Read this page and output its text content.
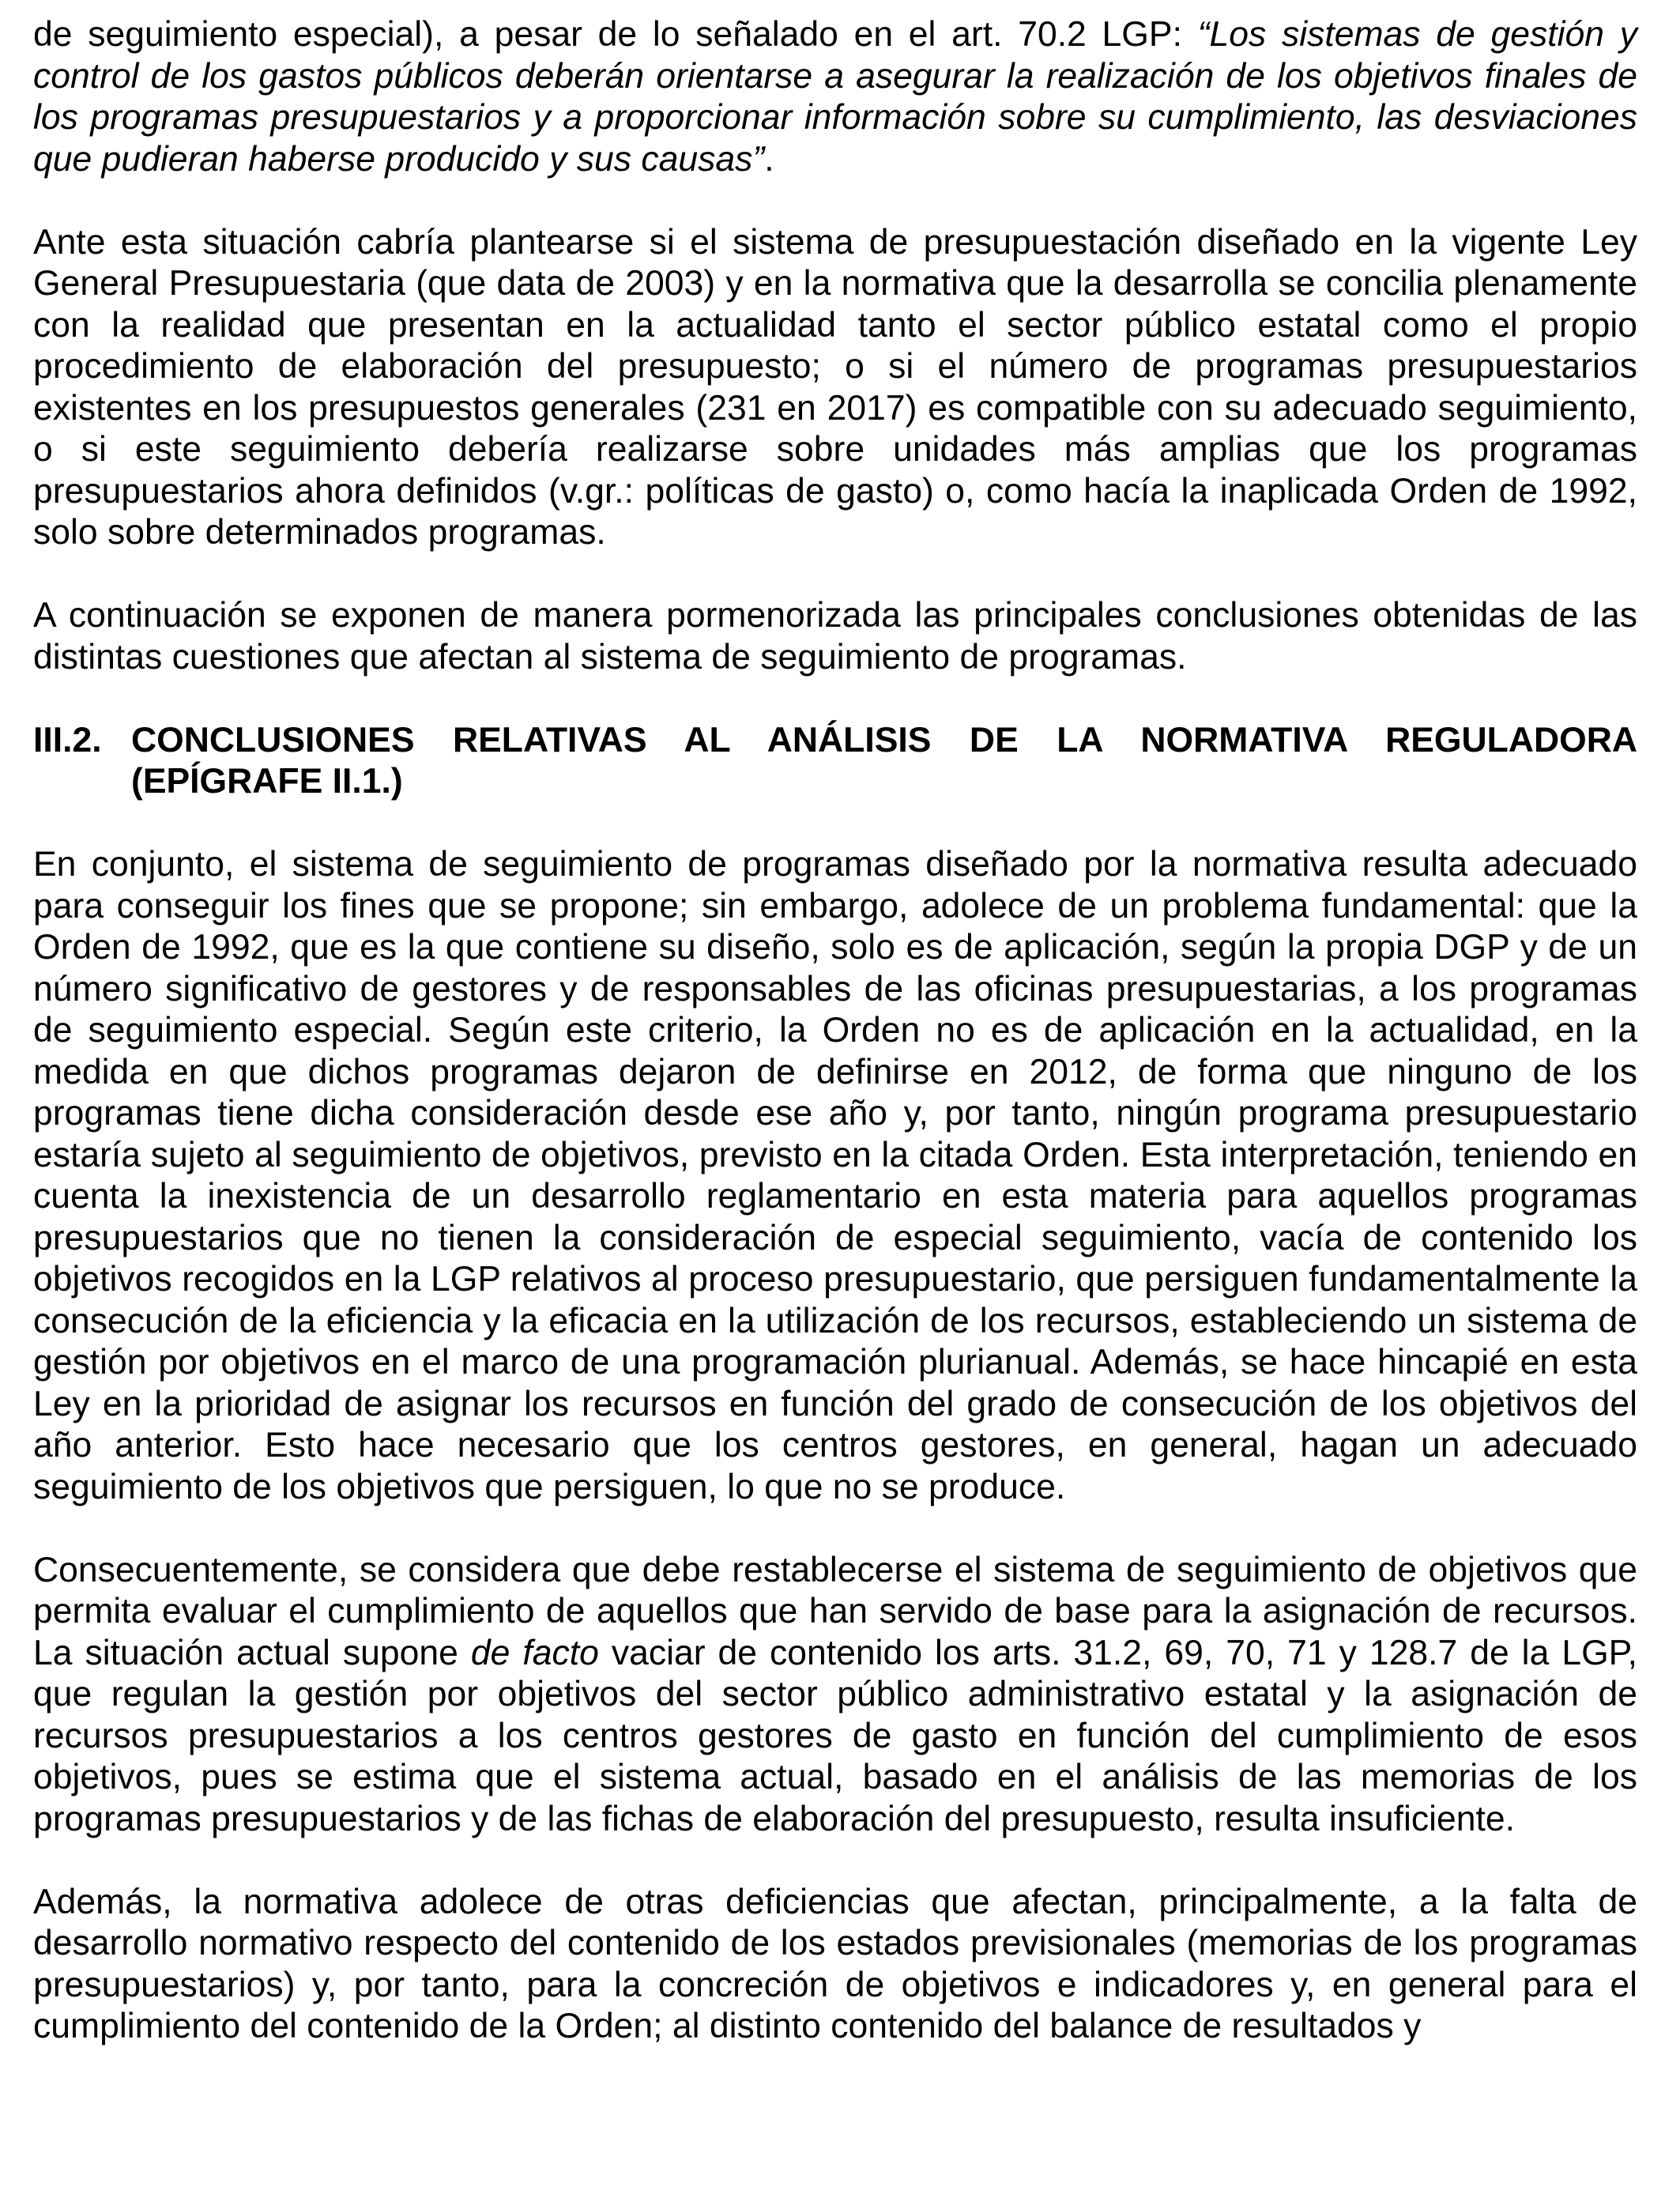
de seguimiento especial), a pesar de lo señalado en el art. 70.2 LGP: “Los sistemas de gestión y control de los gastos públicos deberán orientarse a asegurar la realización de los objetivos finales de los programas presupuestarios y a proporcionar información sobre su cumplimiento, las desviaciones que pudieran haberse producido y sus causas”.

Ante esta situación cabría plantearse si el sistema de presupuestación diseñado en la vigente Ley General Presupuestaria (que data de 2003) y en la normativa que la desarrolla se concilia plenamente con la realidad que presentan en la actualidad tanto el sector público estatal como el propio procedimiento de elaboración del presupuesto; o si el número de programas presupuestarios existentes en los presupuestos generales (231 en 2017) es compatible con su adecuado seguimiento, o si este seguimiento debería realizarse sobre unidades más amplias que los programas presupuestarios ahora definidos (v.gr.: políticas de gasto) o, como hacía la inaplicada Orden de 1992, solo sobre determinados programas.

A continuación se exponen de manera pormenorizada las principales conclusiones obtenidas de las distintas cuestiones que afectan al sistema de seguimiento de programas.

III.2. CONCLUSIONES RELATIVAS AL ANÁLISIS DE LA NORMATIVA REGULADORA (EPÍGRAFE II.1.)

En conjunto, el sistema de seguimiento de programas diseñado por la normativa resulta adecuado para conseguir los fines que se propone; sin embargo, adolece de un problema fundamental: que la Orden de 1992, que es la que contiene su diseño, solo es de aplicación, según la propia DGP y de un número significativo de gestores y de responsables de las oficinas presupuestarias, a los programas de seguimiento especial. Según este criterio, la Orden no es de aplicación en la actualidad, en la medida en que dichos programas dejaron de definirse en 2012, de forma que ninguno de los programas tiene dicha consideración desde ese año y, por tanto, ningún programa presupuestario estaría sujeto al seguimiento de objetivos, previsto en la citada Orden. Esta interpretación, teniendo en cuenta la inexistencia de un desarrollo reglamentario en esta materia para aquellos programas presupuestarios que no tienen la consideración de especial seguimiento, vacía de contenido los objetivos recogidos en la LGP relativos al proceso presupuestario, que persiguen fundamentalmente la consecución de la eficiencia y la eficacia en la utilización de los recursos, estableciendo un sistema de gestión por objetivos en el marco de una programación plurianual. Además, se hace hincapié en esta Ley en la prioridad de asignar los recursos en función del grado de consecución de los objetivos del año anterior. Esto hace necesario que los centros gestores, en general, hagan un adecuado seguimiento de los objetivos que persiguen, lo que no se produce.

Consecuentemente, se considera que debe restablecerse el sistema de seguimiento de objetivos que permita evaluar el cumplimiento de aquellos que han servido de base para la asignación de recursos. La situación actual supone de facto vaciar de contenido los arts. 31.2, 69, 70, 71 y 128.7 de la LGP, que regulan la gestión por objetivos del sector público administrativo estatal y la asignación de recursos presupuestarios a los centros gestores de gasto en función del cumplimiento de esos objetivos, pues se estima que el sistema actual, basado en el análisis de las memorias de los programas presupuestarios y de las fichas de elaboración del presupuesto, resulta insuficiente.

Además, la normativa adolece de otras deficiencias que afectan, principalmente, a la falta de desarrollo normativo respecto del contenido de los estados previsionales (memorias de los programas presupuestarios) y, por tanto, para la concreción de objetivos e indicadores y, en general para el cumplimiento del contenido de la Orden; al distinto contenido del balance de resultados y
